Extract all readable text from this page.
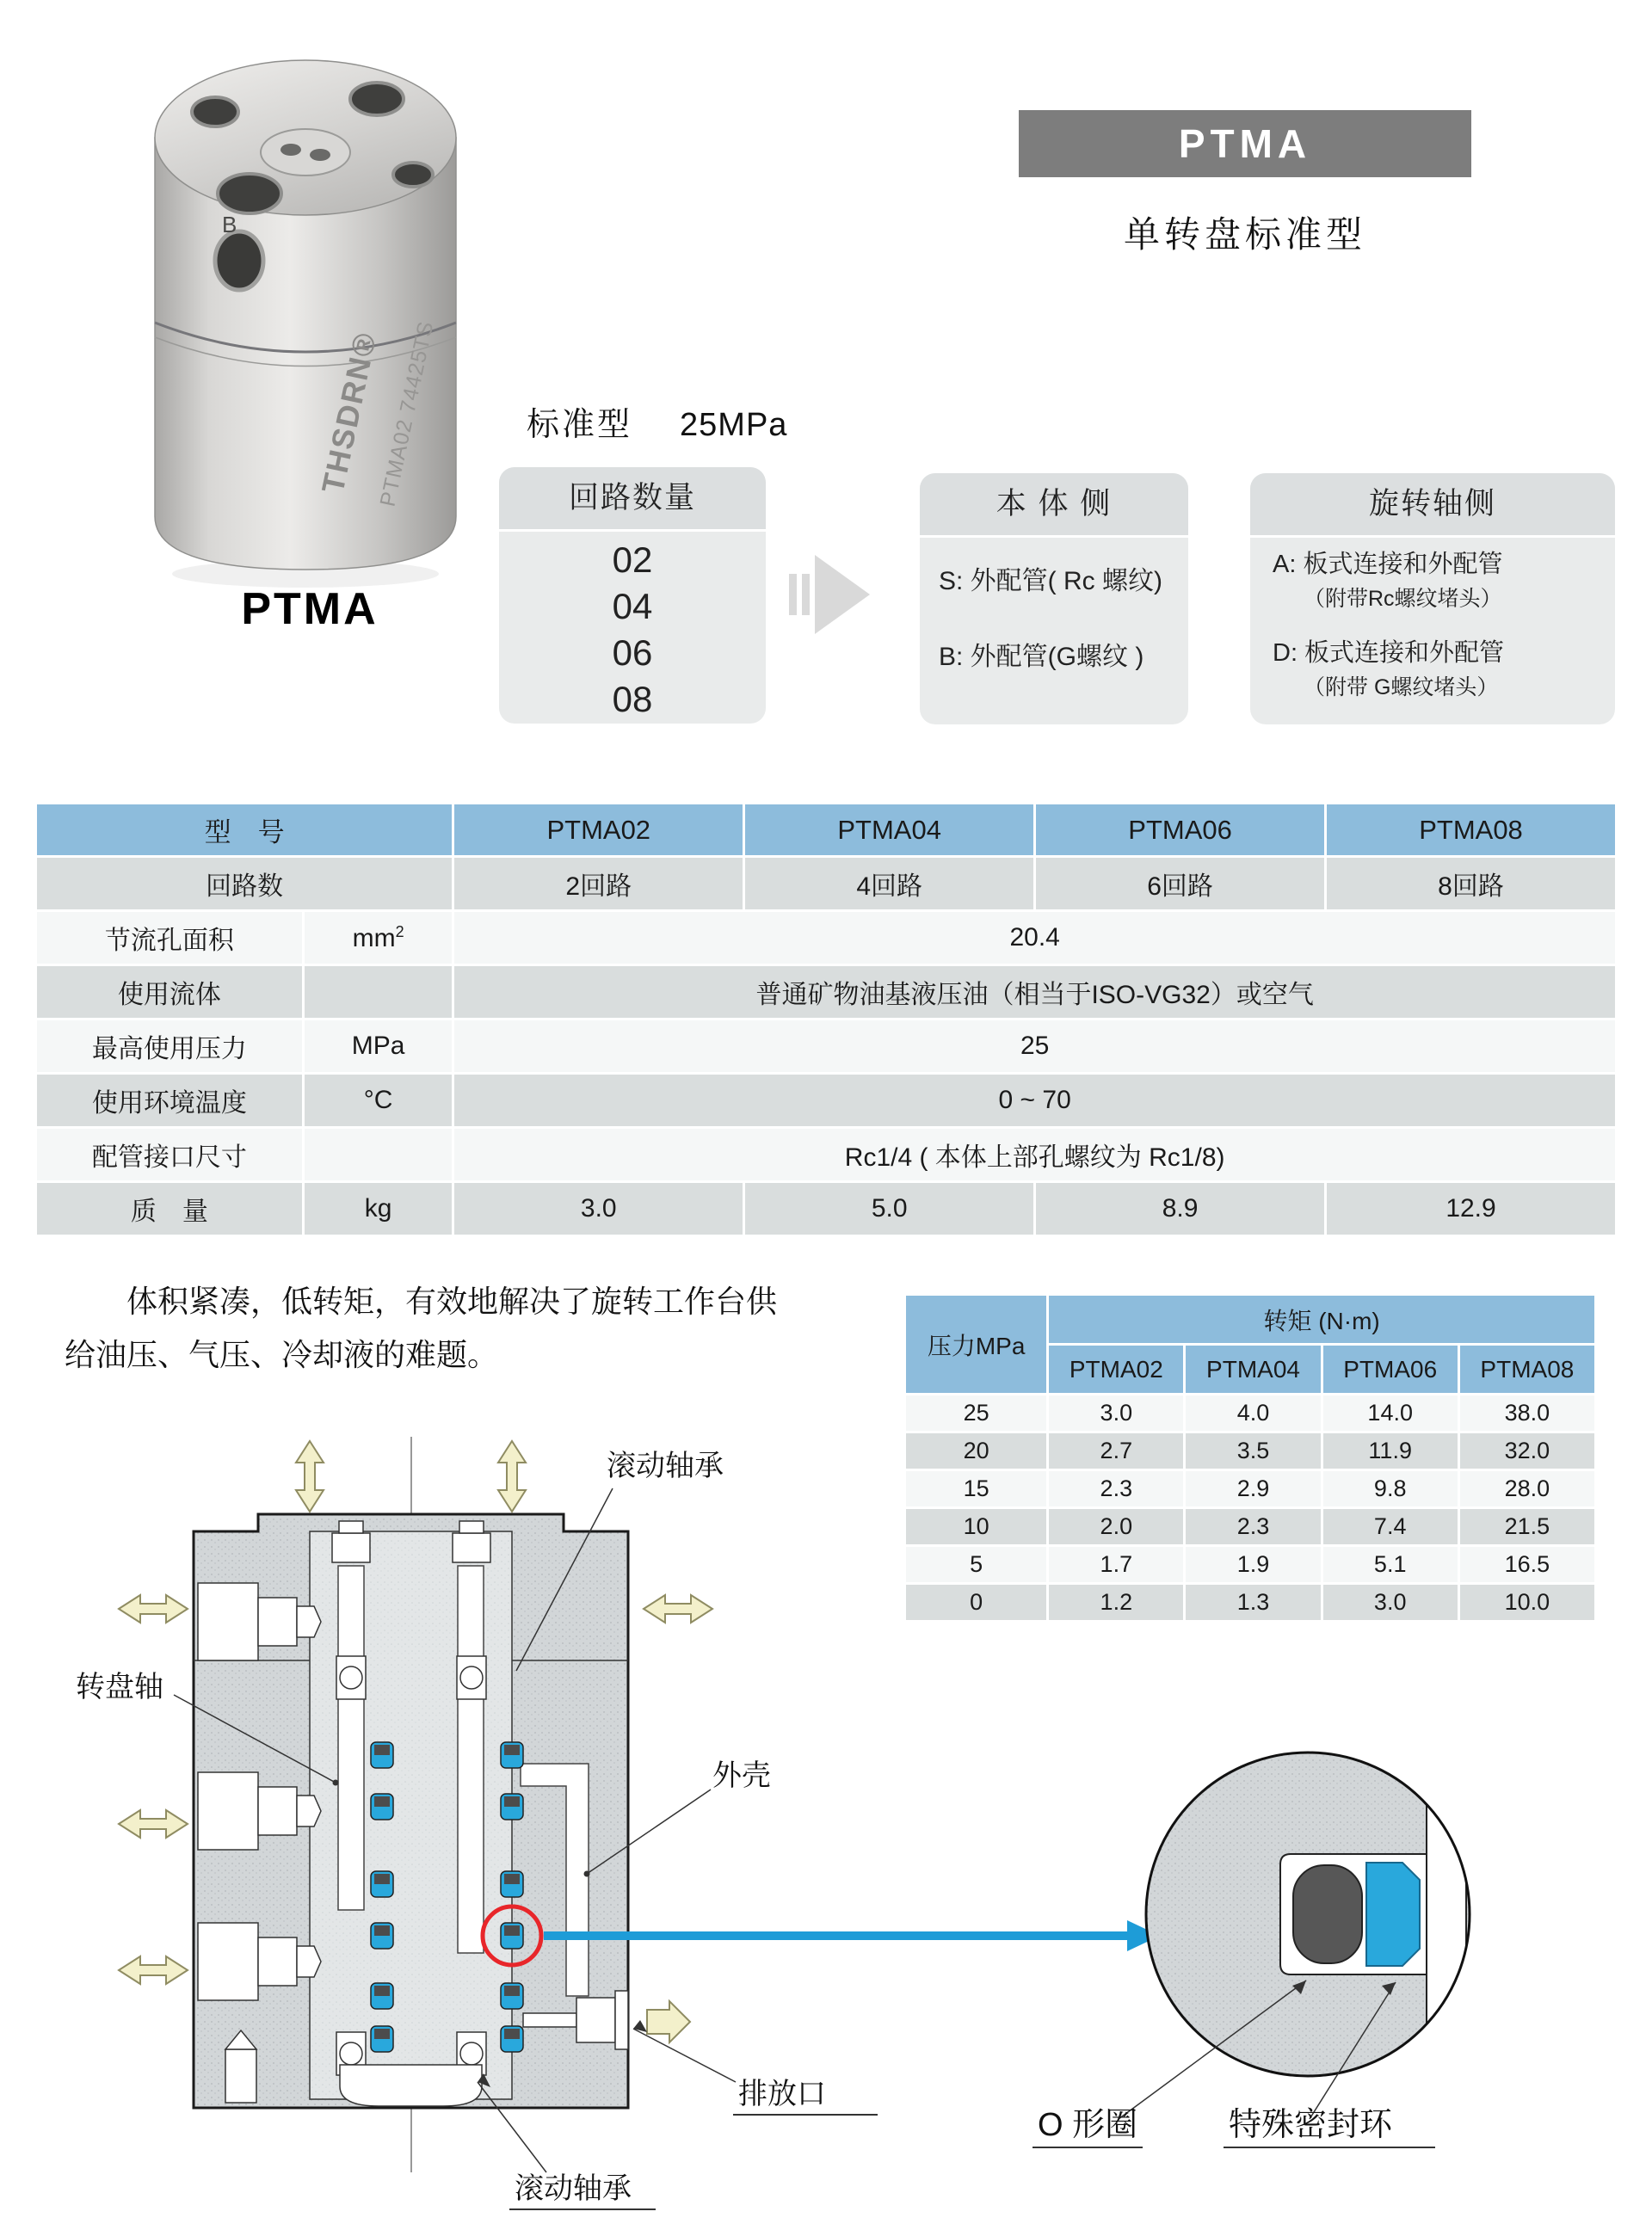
B
THSDRN®
PTMA02 74425TS
PTMA
PTMA
单转盘标准型
标准型 25MPa
回路数量
02
04
06
08
本 体 侧
S: 外配管( Rc 螺纹)
B: 外配管(G螺纹 )
旋转轴侧
A: 板式连接和外配管
（附带Rc螺纹堵头）
D: 板式连接和外配管
（附带 G螺纹堵头）
型　号		PTMA02	PTMA04	PTMA06	PTMA08
回路数		2回路	4回路	6回路	8回路
节流孔面积	$mm^2$	20.4			
使用流体		普通矿物油基液压油（相当于ISO-VG32）或空气			
最高使用压力	MPa	25			
使用环境温度	°C	0 ~ 70			
配管接口尺寸		Rc1/4 ( 本体上部孔螺纹为 Rc1/8)			
质　量	kg	3.0	5.0	8.9	12.9
体积紧凑，低转矩，有效地解决了旋转工作台供
给油压、气压、冷却液的难题。	压力MPa	转矩 (N·m)			
	PTMA02	PTMA04	PTMA06	PTMA08
25	3.0	4.0	14.0	38.0
20	2.7	3.5	11.9	32.0
15	2.3	2.9	9.8	28.0
10	2.0	2.3	7.4	21.5
5	1.7	1.9	5.1	16.5
0	1.2	1.3	3.0	10.0
滚动轴承
转盘轴
外壳
排放口
滚动轴承
O 形圈	特殊密封环
